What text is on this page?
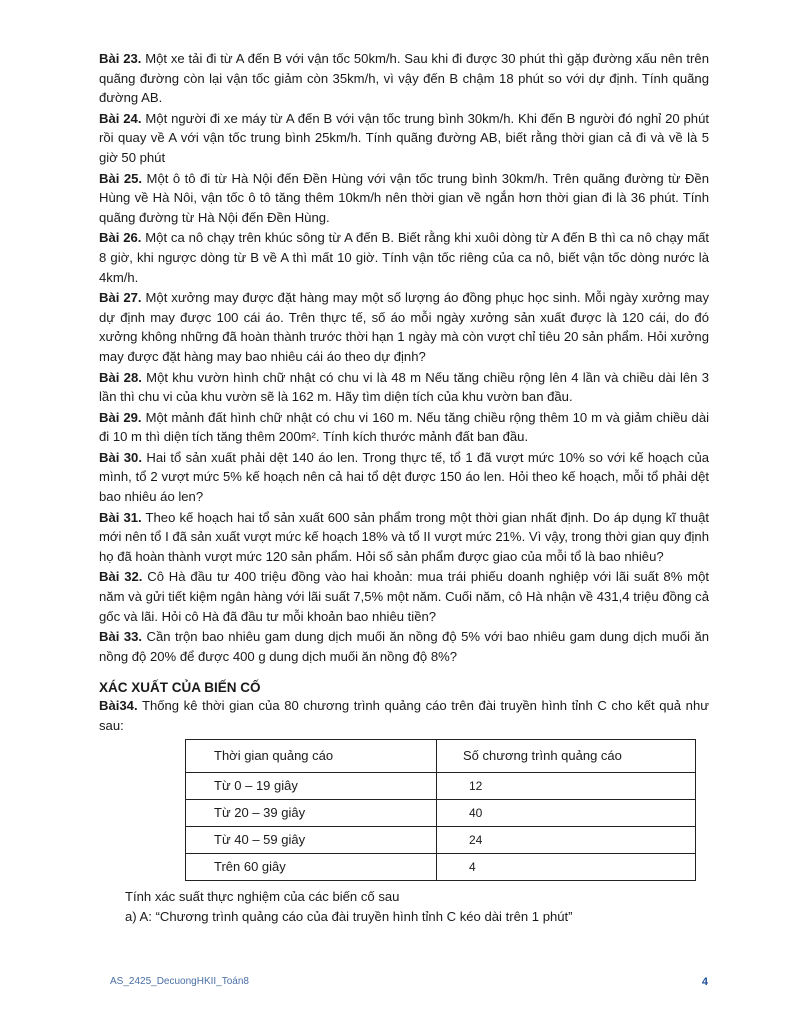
Bài 23. Một xe tải đi từ A đến B với vận tốc 50km/h. Sau khi đi được 30 phút thì gặp đường xấu nên trên quãng đường còn lại vận tốc giảm còn 35km/h, vì vậy đến B chậm 18 phút so với dự định. Tính quãng đường AB.

Bài 24. Một người đi xe máy từ A đến B với vận tốc trung bình 30km/h. Khi đến B người đó nghỉ 20 phút rồi quay về A với vận tốc trung bình 25km/h. Tính quãng đường AB, biết rằng thời gian cả đi và về là 5 giờ 50 phút

Bài 25. Một ô tô đi từ Hà Nội đến Đền Hùng với vận tốc trung bình 30km/h. Trên quãng đường từ Đền Hùng về Hà Nôi, vận tốc ô tô tăng thêm 10km/h nên thời gian về ngắn hơn thời gian đi là 36 phút. Tính quãng đường từ Hà Nội đến Đền Hùng.

Bài 26. Một ca nô chạy trên khúc sông từ A đến B. Biết rằng khi xuôi dòng từ A đến B thì ca nô chạy mất 8 giờ, khi ngược dòng từ B về A thì mất 10 giờ. Tính vận tốc riêng của ca nô, biết vận tốc dòng nước là 4km/h.

Bài 27. Một xưởng may được đặt hàng may một số lượng áo đồng phục học sinh. Mỗi ngày xưởng may dự định may được 100 cái áo. Trên thực tế, số áo mỗi ngày xưởng sản xuất được là 120 cái, do đó xưởng không những đã hoàn thành trước thời hạn 1 ngày mà còn vượt chỉ tiêu 20 sản phẩm. Hỏi xưởng may được đặt hàng may bao nhiêu cái áo theo dự định?

Bài 28. Một khu vườn hình chữ nhật có chu vi là 48 m Nếu tăng chiều rộng lên 4 lần và chiều dài lên 3 lần thì chu vi của khu vườn sẽ là 162 m. Hãy tìm diện tích của khu vườn ban đầu.

Bài 29. Một mảnh đất hình chữ nhật có chu vi 160 m. Nếu tăng chiều rộng thêm 10 m và giảm chiều dài đi 10 m thì diện tích tăng thêm 200m². Tính kích thước mảnh đất ban đầu.

Bài 30. Hai tổ sản xuất phải dệt 140 áo len. Trong thực tế, tổ 1 đã vượt mức 10% so với kế hoạch của mình, tổ 2 vượt mức 5% kế hoạch nên cả hai tổ dệt được 150 áo len. Hỏi theo kế hoạch, mỗi tổ phải dệt bao nhiêu áo len?

Bài 31. Theo kế hoạch hai tổ sản xuất 600 sản phẩm trong một thời gian nhất định. Do áp dụng kĩ thuật mới nên tổ I đã sản xuất vượt mức kế hoạch 18% và tổ II vượt mức 21%. Vì vậy, trong thời gian quy định họ đã hoàn thành vượt mức 120 sản phẩm. Hỏi số sản phẩm được giao của mỗi tổ là bao nhiêu?

Bài 32. Cô Hà đầu tư 400 triệu đồng vào hai khoản: mua trái phiếu doanh nghiệp với lãi suất 8% một năm và gửi tiết kiệm ngân hàng với lãi suất 7,5% một năm. Cuối năm, cô Hà nhận về 431,4 triệu đồng cả gốc và lãi. Hỏi cô Hà đã đầu tư mỗi khoản bao nhiêu tiền?

Bài 33. Cần trộn bao nhiêu gam dung dịch muối ăn nồng độ 5% với bao nhiêu gam dung dịch muối ăn nồng độ 20% để được 400 g dung dịch muối ăn nồng độ 8%?

XÁC XUẤT CỦA BIẾN CỐ

Bài34. Thống kê thời gian của 80 chương trình quảng cáo trên đài truyền hình tỉnh C cho kết quả như sau:

Thời gian quảng cáo	Số chương trình quảng cáo
Từ 0 – 19 giây	12
Từ 20 – 39 giây	40
Từ 40 – 59 giây	24
Trên 60 giây	4
Tính xác suất thực nghiệm của các biến cố sau
a) A: “Chương trình quảng cáo của đài truyền hình tỉnh C kéo dài trên 1 phút”
AS_2425_DecuongHKII_Toán8	4
